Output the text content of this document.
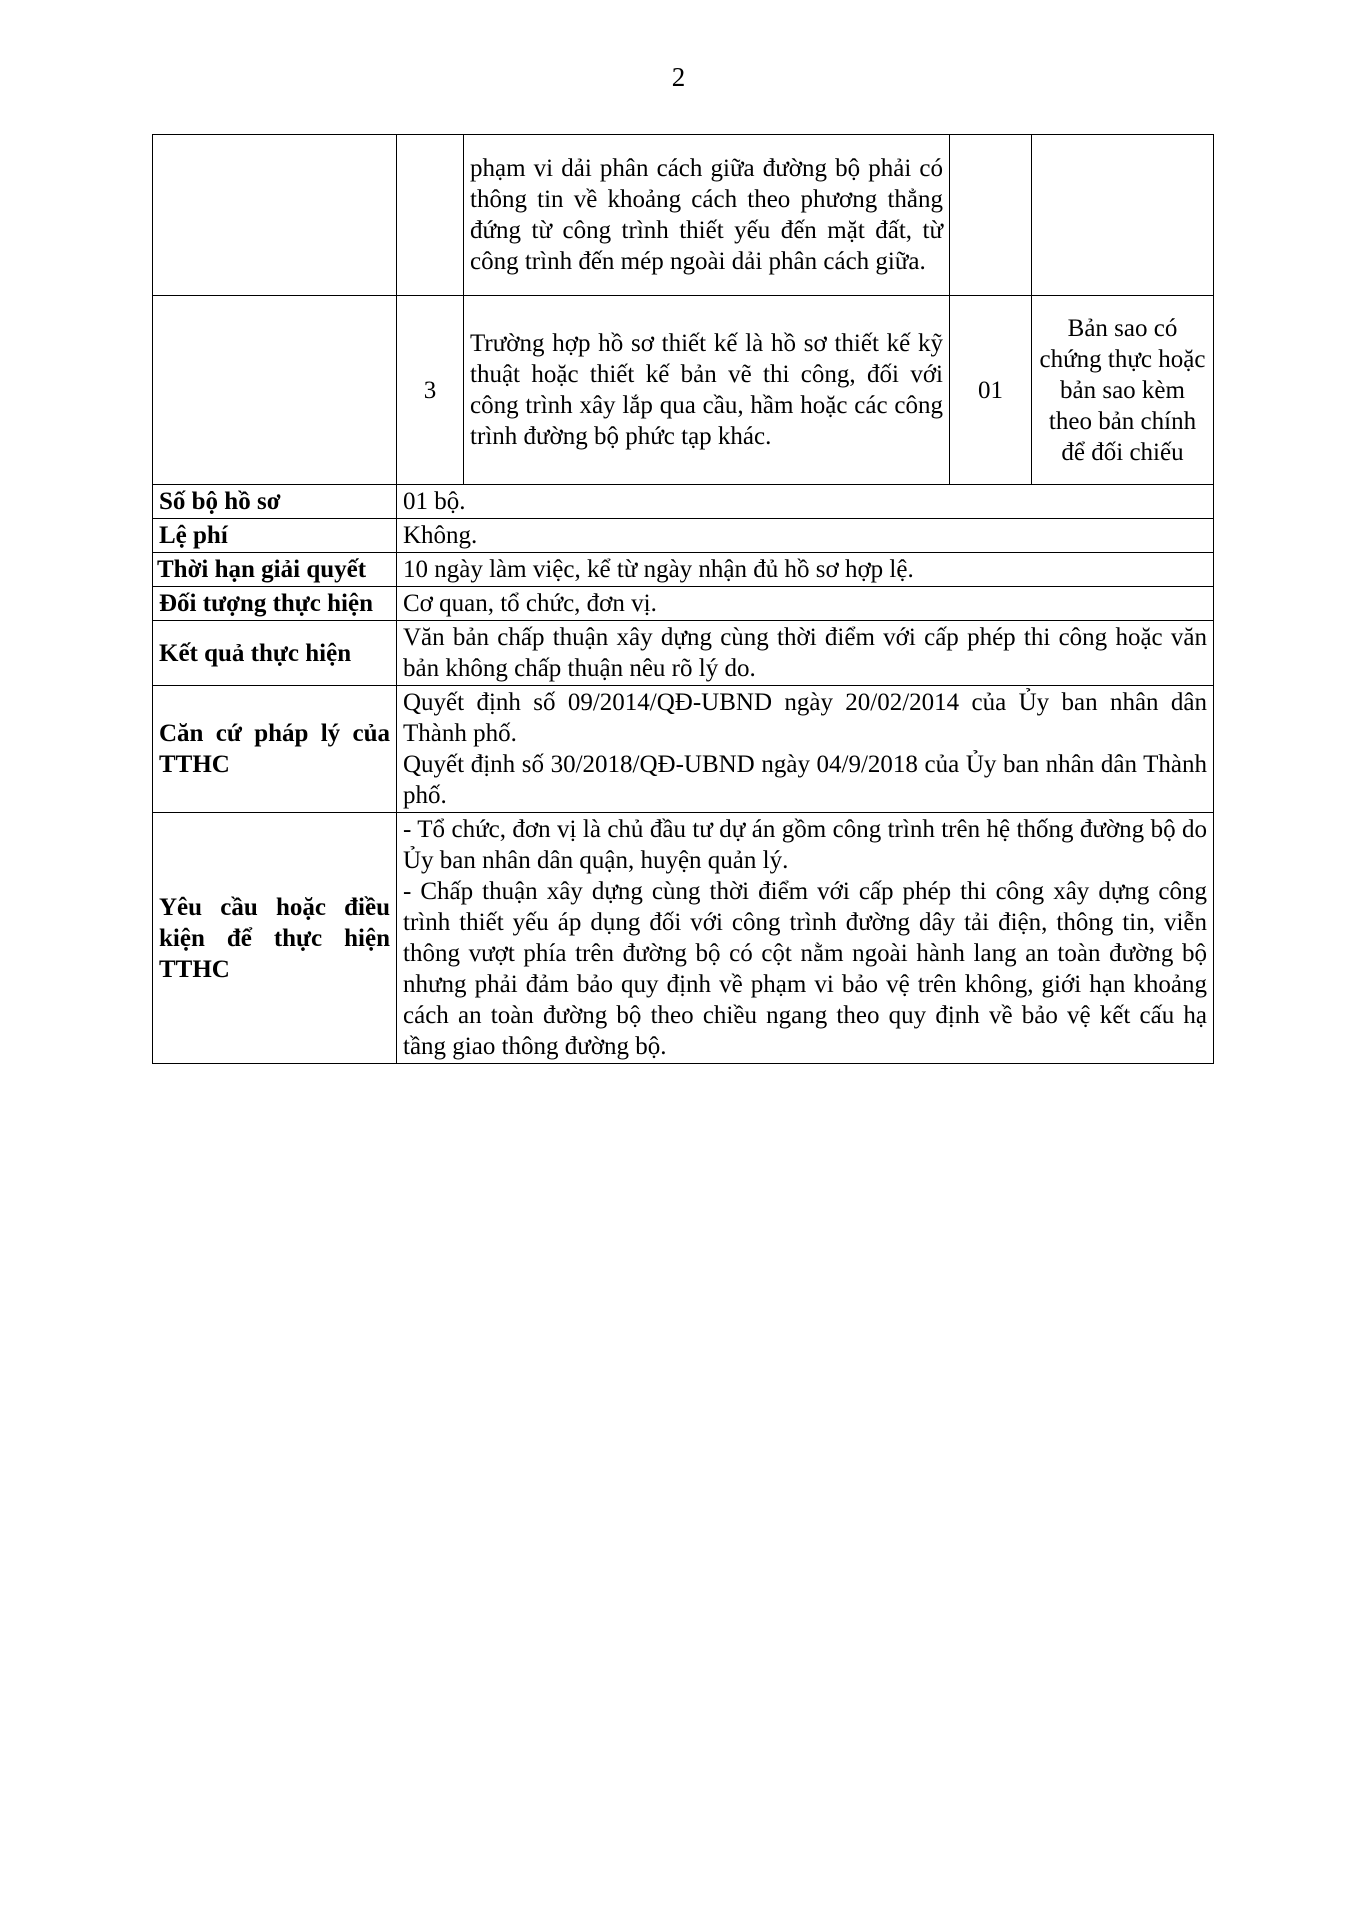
2
		phạm vi dải phân cách giữa đường bộ phải có thông tin về khoảng cách theo phương thẳng đứng từ công trình thiết yếu đến mặt đất, từ công trình đến mép ngoài dải phân cách giữa.		
	3	Trường hợp hồ sơ thiết kế là hồ sơ thiết kế kỹ thuật hoặc thiết kế bản vẽ thi công, đối với công trình xây lắp qua cầu, hầm hoặc các công trình đường bộ phức tạp khác.	01	Bản sao có chứng thực hoặc bản sao kèm theo bản chính để đối chiếu
Số bộ hồ sơ	01 bộ.			
Lệ phí	Không.			
Thời hạn giải quyết	10 ngày làm việc, kể từ ngày nhận đủ hồ sơ hợp lệ.			
Đối tượng thực hiện	Cơ quan, tổ chức, đơn vị.			
Kết quả thực hiện	Văn bản chấp thuận xây dựng cùng thời điểm với cấp phép thi công hoặc văn bản không chấp thuận nêu rõ lý do.			
Căn cứ pháp lý của TTHC	Quyết định số 09/2014/QĐ-UBND ngày 20/02/2014 của Ủy ban nhân dân Thành phố.
Quyết định số 30/2018/QĐ-UBND ngày 04/9/2018 của Ủy ban nhân dân Thành phố.			

Yêu cầu hoặc điều kiện để thực hiện TTHC	- Tổ chức, đơn vị là chủ đầu tư dự án gồm công trình trên hệ thống đường bộ do Ủy ban nhân dân quận, huyện quản lý.
- Chấp thuận xây dựng cùng thời điểm với cấp phép thi công xây dựng công trình thiết yếu áp dụng đối với công trình đường dây tải điện, thông tin, viễn thông vượt phía trên đường bộ có cột nằm ngoài hành lang an toàn đường bộ nhưng phải đảm bảo quy định về phạm vi bảo vệ trên không, giới hạn khoảng cách an toàn đường bộ theo chiều ngang theo quy định về bảo vệ kết cấu hạ tầng giao thông đường bộ.			
